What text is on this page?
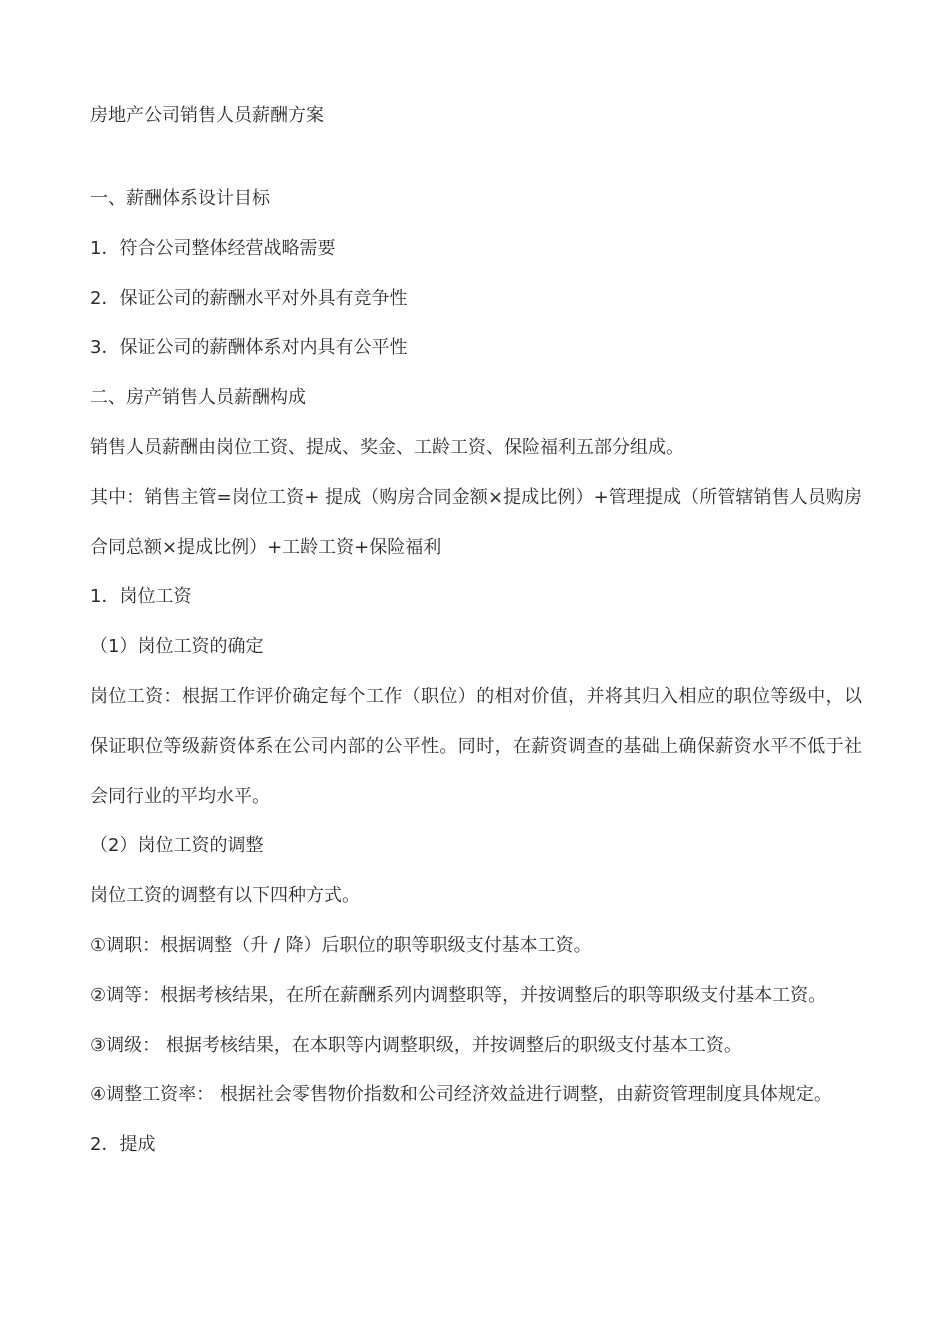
房地产公司销售人员薪酬方案

一、薪酬体系设计目标

1．符合公司整体经营战略需要

2．保证公司的薪酬水平对外具有竞争性

3．保证公司的薪酬体系对内具有公平性

二、房产销售人员薪酬构成

销售人员薪酬由岗位工资、提成、奖金、工龄工资、保险福利五部分组成。

其中：销售主管=岗位工资+ 提成（购房合同金额×提成比例）+管理提成（所管辖销售人员购房合同总额×提成比例）+工龄工资+保险福利

1．岗位工资

（1）岗位工资的确定

岗位工资：根据工作评价确定每个工作（职位）的相对价值，并将其归入相应的职位等级中，以保证职位等级薪资体系在公司内部的公平性。同时，在薪资调查的基础上确保薪资水平不低于社会同行业的平均水平。

（2）岗位工资的调整

岗位工资的调整有以下四种方式。

①调职：根据调整（升 / 降）后职位的职等职级支付基本工资。

②调等：根据考核结果，在所在薪酬系列内调整职等，并按调整后的职等职级支付基本工资。

③调级： 根据考核结果，在本职等内调整职级，并按调整后的职级支付基本工资。

④调整工资率： 根据社会零售物价指数和公司经济效益进行调整，由薪资管理制度具体规定。

2．提成
